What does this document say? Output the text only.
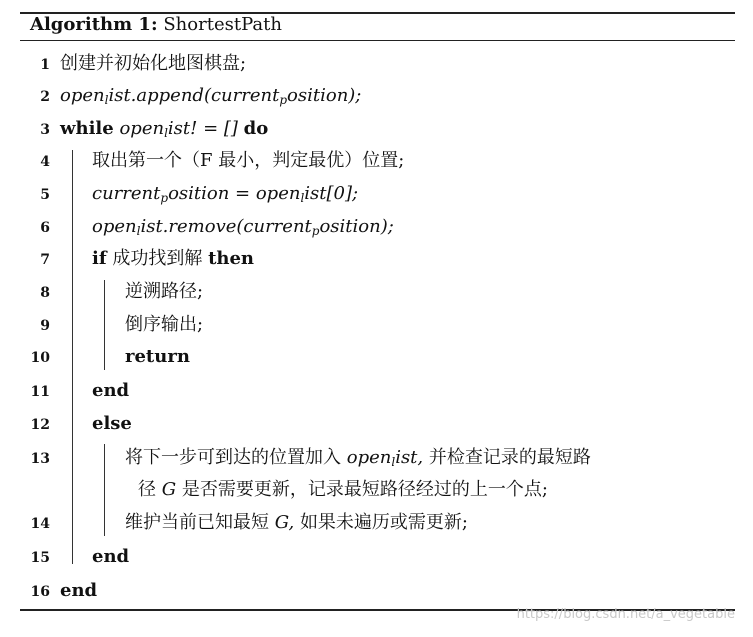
Algorithm 1: ShortestPath
1 创建并初始化地图棋盘;
2 open$_l$ist.append(current$_p$osition);
3 while open$_l$ist! = [] do
4 取出第一个（F 最小，判定最优）位置;
5 current$_p$osition = open$_l$ist[0];
6 open$_l$ist.remove(current$_p$osition);
7 if 成功找到解 then
8	逆溯路径;
9	倒序输出;
10	return
11 end
12 else
13	将下一步可到达的位置加入 open$_l$ist, 并检查记录的最短路
径 G 是否需要更新，记录最短路径经过的上一个点;
14	维护当前已知最短 G, 如果未遍历或需更新;
15 end
16 end
https://blog.csdn.net/a_vegetable
